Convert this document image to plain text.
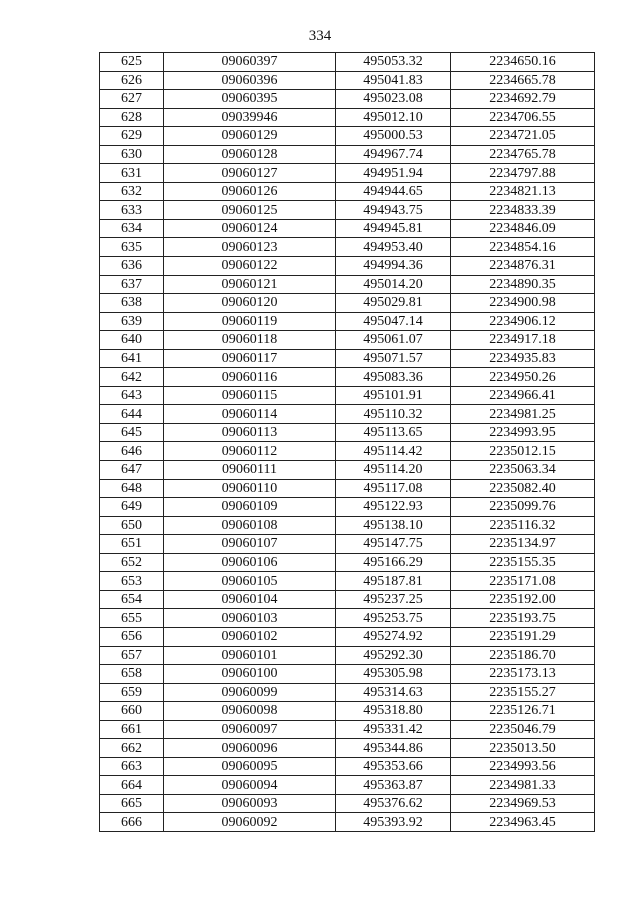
334
625	09060397	495053.32	2234650.16
626	09060396	495041.83	2234665.78
627	09060395	495023.08	2234692.79
628	09039946	495012.10	2234706.55
629	09060129	495000.53	2234721.05
630	09060128	494967.74	2234765.78
631	09060127	494951.94	2234797.88
632	09060126	494944.65	2234821.13
633	09060125	494943.75	2234833.39
634	09060124	494945.81	2234846.09
635	09060123	494953.40	2234854.16
636	09060122	494994.36	2234876.31
637	09060121	495014.20	2234890.35
638	09060120	495029.81	2234900.98
639	09060119	495047.14	2234906.12
640	09060118	495061.07	2234917.18
641	09060117	495071.57	2234935.83
642	09060116	495083.36	2234950.26
643	09060115	495101.91	2234966.41
644	09060114	495110.32	2234981.25
645	09060113	495113.65	2234993.95
646	09060112	495114.42	2235012.15
647	09060111	495114.20	2235063.34
648	09060110	495117.08	2235082.40
649	09060109	495122.93	2235099.76
650	09060108	495138.10	2235116.32
651	09060107	495147.75	2235134.97
652	09060106	495166.29	2235155.35
653	09060105	495187.81	2235171.08
654	09060104	495237.25	2235192.00
655	09060103	495253.75	2235193.75
656	09060102	495274.92	2235191.29
657	09060101	495292.30	2235186.70
658	09060100	495305.98	2235173.13
659	09060099	495314.63	2235155.27
660	09060098	495318.80	2235126.71
661	09060097	495331.42	2235046.79
662	09060096	495344.86	2235013.50
663	09060095	495353.66	2234993.56
664	09060094	495363.87	2234981.33
665	09060093	495376.62	2234969.53
666	09060092	495393.92	2234963.45
